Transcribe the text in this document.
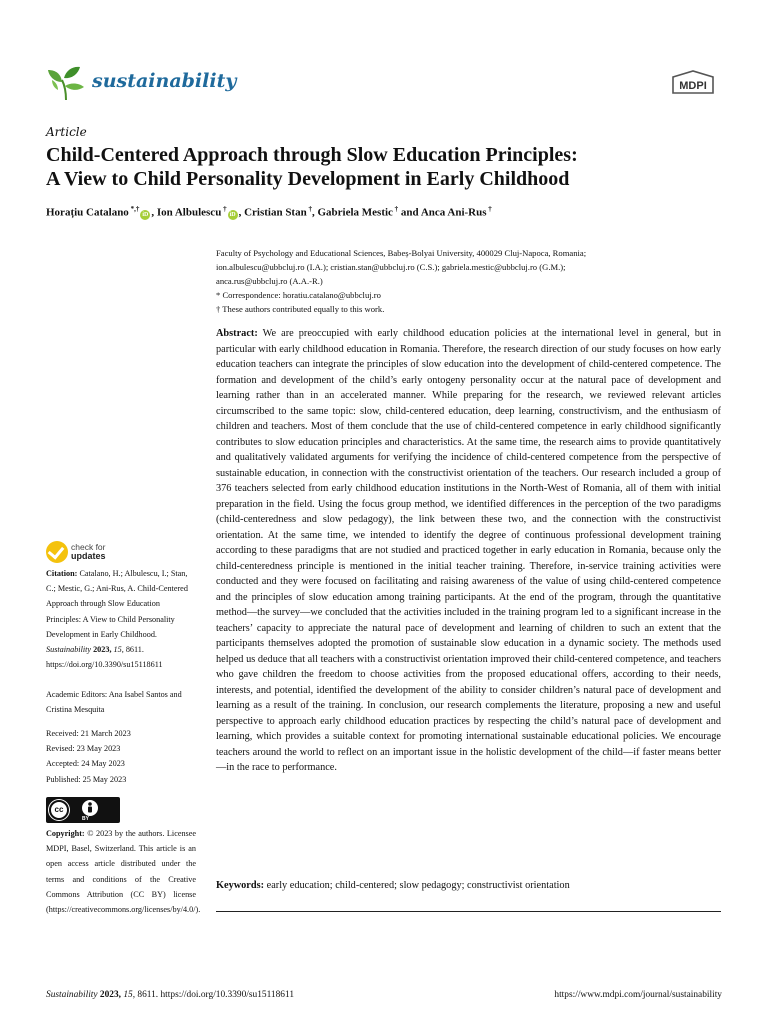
sustainability	MDPI
Article
Child-Centered Approach through Slow Education Principles:
A View to Child Personality Development in Early Childhood
Horațiu Catalano *,†iD , Ion Albulescu †iD , Cristian Stan †, Gabriela Mestic † and Anca Ani-Rus †
Faculty of Psychology and Educational Sciences, Babeș-Bolyai University, 400029 Cluj-Napoca, Romania;
ion.albulescu@ubbcluj.ro (I.A.); cristian.stan@ubbcluj.ro (C.S.); gabriela.mestic@ubbcluj.ro (G.M.);
anca.rus@ubbcluj.ro (A.A.-R.)
* Correspondence: horatiu.catalano@ubbcluj.ro
† These authors contributed equally to this work.
check for
updates
Citation: Catalano, H.; Albulescu, I.; Stan, C.; Mestic, G.; Ani-Rus, A. Child-Centered Approach through Slow Education Principles: A View to Child Personality Development in Early Childhood. Sustainability 2023, 15, 8611. https://doi.org/10.3390/su15118611
Academic Editors: Ana Isabel Santos and Cristina Mesquita
Received: 21 March 2023
Revised: 23 May 2023
Accepted: 24 May 2023
Published: 25 May 2023
cc
BY
Copyright: © 2023 by the authors. Licensee MDPI, Basel, Switzerland. This article is an open access article distributed under the terms and conditions of the Creative Commons Attribution (CC BY) license (https://creativecommons.org/licenses/by/4.0/).
Abstract: We are preoccupied with early childhood education policies at the international level in general, but in particular with early childhood education in Romania. Therefore, the research direction of our study focuses on how early education teachers can integrate the principles of slow education into the development of child-centered competence. The formation and development of the child’s early ontogeny personality occur at the natural pace of development and learning rather than in an accelerated manner. While preparing for the research, we reviewed relevant articles circumscribed to the same topic: slow, child-centered education, deep learning, constructivism, and the enthusiasm of children and teachers. Most of them conclude that the use of child-centered competence in early childhood significantly contributes to slow education principles and characteristics. At the same time, the research aims to provide quantitatively and qualitatively validated arguments for verifying the incidence of child-centered competence from the perspective of sustainable education, in connection with the constructivist orientation of the teachers. Our research included a group of 376 teachers selected from early childhood education institutions in the North-West of Romania, all of them with initial preparation in the field. Using the focus group method, we identified differences in the perception of the two paradigms (child-centeredness and slow pedagogy), the link between these two, and the connection with the constructivist orientation. At the same time, we intended to identify the degree of continuous professional development training according to these paradigms that are not studied and practiced together in early education in Romania, because only the child-centeredness principle is mentioned in the initial teacher training. Therefore, in-service training activities were conducted and they were focused on facilitating and raising awareness of the value of using child-centered competence and the principles of slow education among training participants. At the end of the program, through the quantitative method—the survey—we concluded that the activities included in the training program led to a significant increase in the teachers’ capacity to appreciate the natural pace of development and learning of children to such an extent that the participants themselves adopted the promotion of sustainable slow education in a dynamic society. The methods used helped us deduce that all teachers with a constructivist orientation improved their child-centered competence, and teachers who gave children the freedom to choose activities from the proposed educational offers, according to their needs, interests, and potential, identified the development of the ability to consider children’s natural pace of development and learning as a result of the training. In conclusion, our research complements the literature, proposing a new and useful perspective to approach early childhood education practices by respecting the child’s natural pace of development and learning, which provides a suitable context for promoting international sustainable educational policies. We encourage teachers around the world to reflect on an important issue in the holistic development of the child—if faster means better—in the race to performance.
Keywords: early education; child-centered; slow pedagogy; constructivist orientation
Sustainability 2023, 15, 8611. https://doi.org/10.3390/su15118611	https://www.mdpi.com/journal/sustainability
